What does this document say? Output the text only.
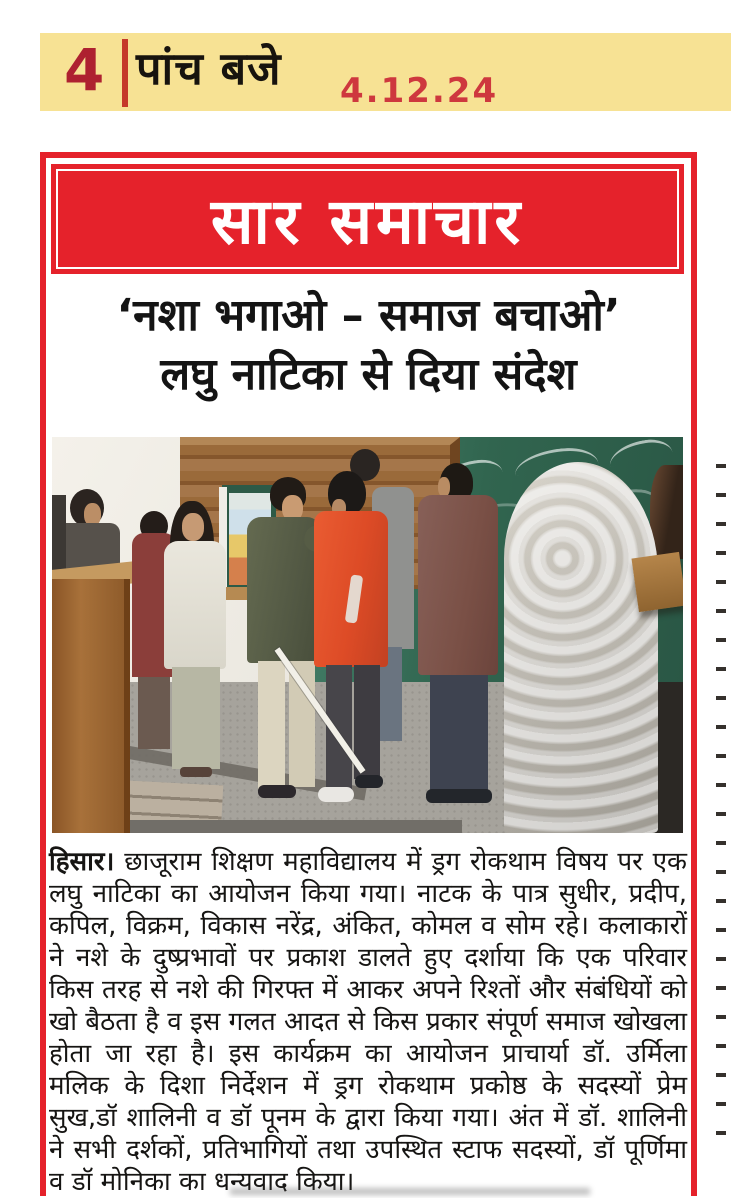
4 पांच बजे 4.12.24
सार समाचार
‘नशा भगाओ – समाज बचाओ’
लघु नाटिका से दिया संदेश

हिसार। छाजूराम शिक्षण महाविद्यालय में ड्रग रोकथाम विषय पर एक लघु नाटिका का आयोजन किया गया। नाटक के पात्र सुधीर, प्रदीप, कपिल, विक्रम, विकास नरेंद्र, अंकित, कोमल व सोम रहे। कलाकारों ने नशे के दुष्प्रभावों पर प्रकाश डालते हुए दर्शाया कि एक परिवार किस तरह से नशे की गिरफ्त में आकर अपने रिश्तों और संबंधियों को खो बैठता है व इस गलत आदत से किस प्रकार संपूर्ण समाज खोखला होता जा रहा है। इस कार्यक्रम का आयोजन प्राचार्या डॉ. उर्मिला मलिक के दिशा निर्देशन में ड्रग रोकथाम प्रकोष्ठ के सदस्यों प्रेम सुख,डॉ शालिनी व डॉ पूनम के द्वारा किया गया। अंत में डॉ. शालिनी ने सभी दर्शकों, प्रतिभागियों तथा उपस्थित स्टाफ सदस्यों, डॉ पूर्णिमा व डॉ मोनिका का धन्यवाद किया।
